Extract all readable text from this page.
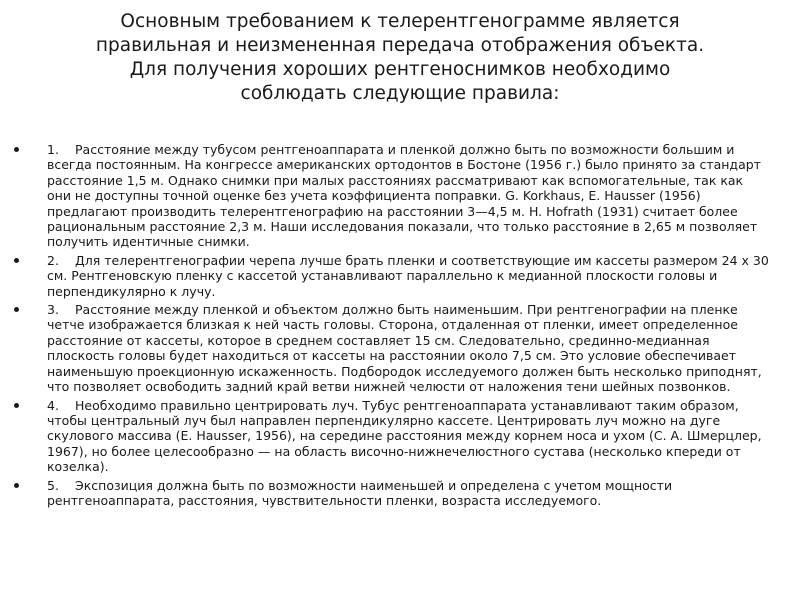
Основным требованием к телерентгенограмме является
правильная и неизмененная передача отображения объекта.
Для получения хороших рентгеноснимков необходимо
соблюдать следующие правила:
1. Расстояние между тубусом рентгеноаппарата и пленкой должно быть по возможности большим и всегда постоянным. На конгрессе американских ортодонтов в Бостоне (1956 г.) было принято за стандарт расстояние 1,5 м. Однако снимки при малых расстояниях рассматривают как вспомогательные, так как они не доступны точной оценке без учета коэффициента поправки. G. Korkhaus, E. Hausser (1956) предлагают производить телерентгенографию на расстоянии 3—4,5 м. H. Hofrath (1931) считает более рациональным расстояние 2,3 м. Наши исследования показали, что только расстояние в 2,65 м позволяет получить идентичные снимки.
2. Для телерентгенографии черепа лучше брать пленки и соответствующие им кассеты размером 24 х 30 см. Рентгеновскую пленку с кассетой устанавливают параллельно к медианной плоскости головы и перпендикулярно к лучу.
3. Расстояние между пленкой и объектом должно быть наименьшим. При рентгенографии на пленке четче изображается близкая к ней часть головы. Сторона, отдаленная от пленки, имеет определенное расстояние от кассеты, которое в среднем составляет 15 см. Следовательно, срединно-медианная плоскость головы будет находиться от кассеты на расстоянии около 7,5 см. Это условие обеспечивает наименьшую проекционную искаженность. Подбородок исследуемого должен быть несколько приподнят, что позволяет освободить задний край ветви нижней челюсти от наложения тени шейных позвонков.
4. Необходимо правильно центрировать луч. Тубус рентгеноаппарата устанавливают таким образом, чтобы центральный луч был направлен перпендикулярно кассете. Центрировать луч можно на дуге скулового массива (E. Hausser, 1956), на середине расстояния между корнем носа и ухом (С. А. Шмерцлер, 1967), но более целесообразно — на область височно-нижнечелюстного сустава (несколько кпереди от козелка).
5. Экспозиция должна быть по возможности наименьшей и определена с учетом мощности рентгеноаппарата, расстояния, чувствительности пленки, возраста исследуемого.
